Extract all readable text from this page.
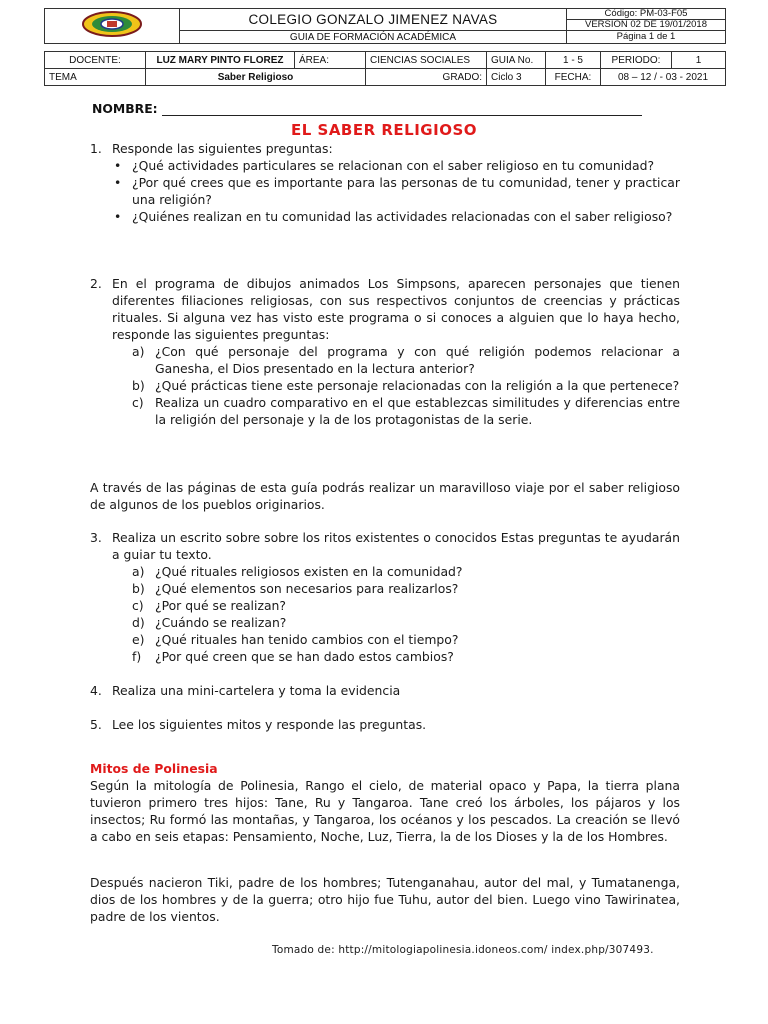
	COLEGIO GONZALO JIMENEZ NAVAS	Código: PM-03-F05
		VERSION 02 DE 19/01/2018
	GUIA DE FORMACIÓN ACADÉMICA	Página 1 de 1
DOCENTE:	LUZ MARY PINTO FLOREZ	ÁREA:	CIENCIAS SOCIALES	GUIA No.	1 - 5	PERIODO:	1
TEMA	Saber Religioso		GRADO:	Ciclo 3	FECHA:	08 – 12 / - 03 - 2021	
NOMBRE:
EL SABER RELIGIOSO
1. Responde las siguientes preguntas:
• ¿Qué actividades particulares se relacionan con el saber religioso en tu comunidad?
• ¿Por qué crees que es importante para las personas de tu comunidad, tener y practicar una religión?
• ¿Quiénes realizan en tu comunidad las actividades relacionadas con el saber religioso?
2. En el programa de dibujos animados Los Simpsons, aparecen personajes que tienen diferentes filiaciones religiosas, con sus respectivos conjuntos de creencias y prácticas rituales. Si alguna vez has visto este programa o si conoces a alguien que lo haya hecho, responde las siguientes preguntas:
a) ¿Con qué personaje del programa y con qué religión podemos relacionar a Ganesha, el Dios presentado en la lectura anterior?
b) ¿Qué prácticas tiene este personaje relacionadas con la religión a la que pertenece?
c) Realiza un cuadro comparativo en el que establezcas similitudes y diferencias entre la religión del personaje y la de los protagonistas de la serie.
A través de las páginas de esta guía podrás realizar un maravilloso viaje por el saber religioso de algunos de los pueblos originarios.
3. Realiza un escrito sobre sobre los ritos existentes o conocidos Estas preguntas te ayudarán a guiar tu texto.
a) ¿Qué rituales religiosos existen en la comunidad?
b) ¿Qué elementos son necesarios para realizarlos?
c) ¿Por qué se realizan?
d) ¿Cuándo se realizan?
e) ¿Qué rituales han tenido cambios con el tiempo?
f) ¿Por qué creen que se han dado estos cambios?
4. Realiza una mini-cartelera y toma la evidencia
5. Lee los siguientes mitos y responde las preguntas.
Mitos de Polinesia
Según la mitología de Polinesia, Rango el cielo, de material opaco y Papa, la tierra plana tuvieron primero tres hijos: Tane, Ru y Tangaroa. Tane creó los árboles, los pájaros y los insectos; Ru formó las montañas, y Tangaroa, los océanos y los pescados. La creación se llevó a cabo en seis etapas: Pensamiento, Noche, Luz, Tierra, la de los Dioses y la de los Hombres.
Después nacieron Tiki, padre de los hombres; Tutenganahau, autor del mal, y Tumatanenga, dios de los hombres y de la guerra; otro hijo fue Tuhu, autor del bien. Luego vino Tawirinatea, padre de los vientos.
Tomado de: http://mitologiapolinesia.idoneos.com/ index.php/307493.
